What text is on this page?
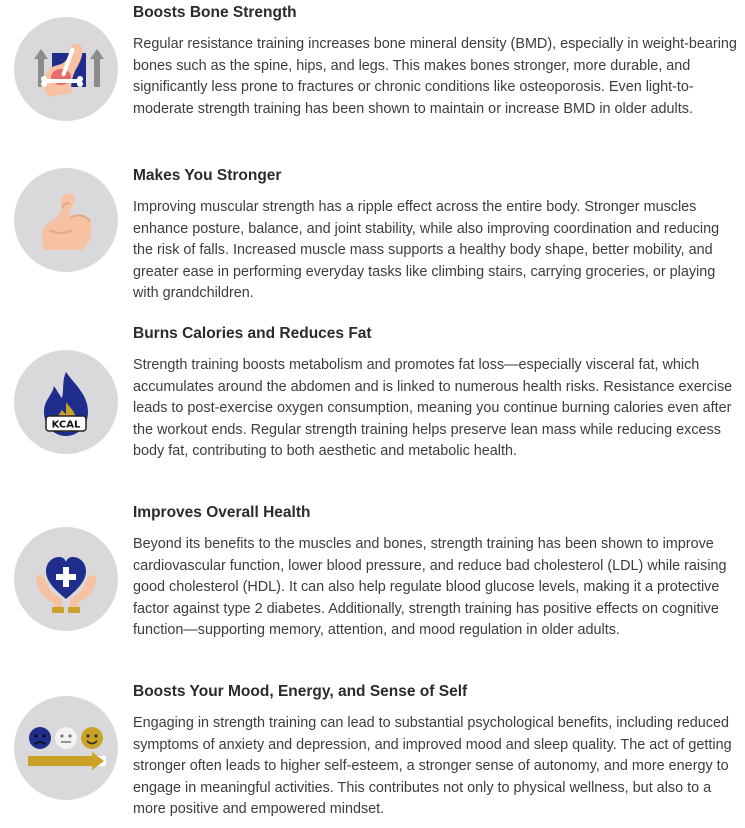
Boosts Bone Strength

Regular resistance training increases bone mineral density (BMD), especially in weight-bearing bones such as the spine, hips, and legs. This makes bones stronger, more durable, and significantly less prone to fractures or chronic conditions like osteoporosis. Even light-to-moderate strength training has been shown to maintain or increase BMD in older adults.

Makes You Stronger

Improving muscular strength has a ripple effect across the entire body. Stronger muscles enhance posture, balance, and joint stability, while also improving coordination and reducing the risk of falls. Increased muscle mass supports a healthy body shape, better mobility, and greater ease in performing everyday tasks like climbing stairs, carrying groceries, or playing with grandchildren.

KCAL
Burns Calories and Reduces Fat

Strength training boosts metabolism and promotes fat loss—especially visceral fat, which accumulates around the abdomen and is linked to numerous health risks. Resistance exercise leads to post-exercise oxygen consumption, meaning you continue burning calories even after the workout ends. Regular strength training helps preserve lean mass while reducing excess body fat, contributing to both aesthetic and metabolic health.

Improves Overall Health

Beyond its benefits to the muscles and bones, strength training has been shown to improve cardiovascular function, lower blood pressure, and reduce bad cholesterol (LDL) while raising good cholesterol (HDL). It can also help regulate blood glucose levels, making it a protective factor against type 2 diabetes. Additionally, strength training has positive effects on cognitive function—supporting memory, attention, and mood regulation in older adults.

Boosts Your Mood, Energy, and Sense of Self

Engaging in strength training can lead to substantial psychological benefits, including reduced symptoms of anxiety and depression, and improved mood and sleep quality. The act of getting stronger often leads to higher self-esteem, a stronger sense of autonomy, and more energy to engage in meaningful activities. This contributes not only to physical wellness, but also to a more positive and empowered mindset.
